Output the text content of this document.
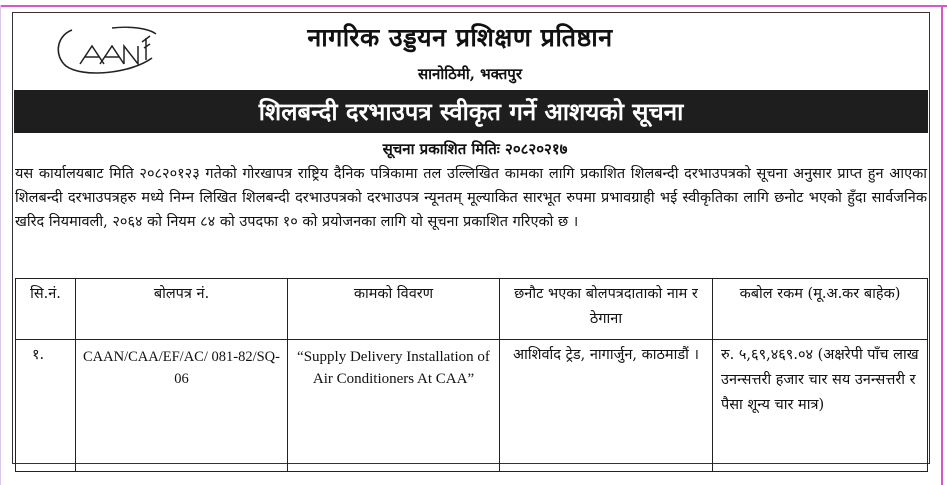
CAAN	नागरिक उड्डयन प्रशिक्षण प्रतिष्ठान
सानोठिमी, भक्तपुर
शिलबन्दी दरभाउपत्र स्वीकृत गर्ने आशयको सूचना
सूचना प्रकाशित मितिः २०८२०२१७

यस कार्यालयबाट मिति २०८२०१२३ गतेको गोरखापत्र राष्ट्रिय दैनिक पत्रिकामा तल उल्लिखित कामका लागि प्रकाशित शिलबन्दी दरभाउपत्रको सूचना अनुसार प्राप्त हुन आएका शिलबन्दी दरभाउपत्रहरु मध्ये निम्न लिखित शिलबन्दी दरभाउपत्रको दरभाउपत्र न्यूनतम् मूल्याकित सारभूत रुपमा प्रभावग्राही भई स्वीकृतिका लागि छनोट भएको हुँदा सार्वजनिक खरिद नियमावली, २०६४ को नियम ८४ को उपदफा १० को प्रयोजनका लागि यो सूचना प्रकाशित गरिएको छ ।

सि.नं.	बोलपत्र नं.	कामको विवरण	छनौट भएका बोलपत्रदाताको नाम र ठेगाना	कबोल रकम (मू.अ.कर बाहेक)
१.	CAAN/CAA/EF/AC/ 081-82/SQ-06	“Supply Delivery Installation of Air Conditioners At CAA”	आशिर्वाद ट्रेड, नागार्जुन, काठमाडौं ।	रु. ५,६९,४६९.०४ (अक्षरेपी पाँच लाख उनन्सत्तरी हजार चार सय उनन्सत्तरी र पैसा शून्य चार मात्र)
